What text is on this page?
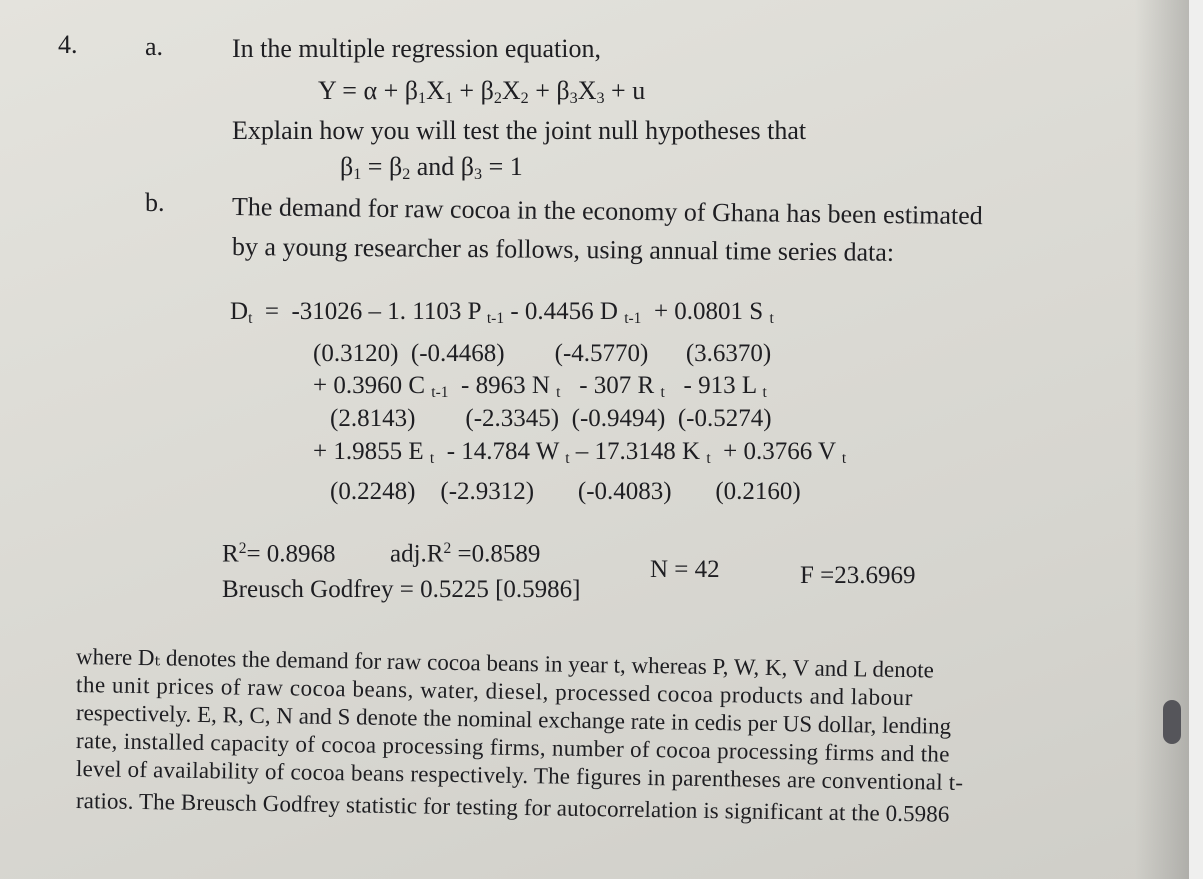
4.	a.	In the multiple regression equation,
$Y = \alpha + \beta_1X_1 + \beta_2X_2 + \beta_3X_3 + u$
Explain how you will test the joint null hypotheses that
$\beta_1 = \beta_2$ and $\beta_3 = 1$
b.	The demand for raw cocoa in the economy of Ghana has been estimated
by a young researcher as follows, using annual time series data:
$D_t = -31026 - 1$. 1103 P $_{t-1}$ - 0.4456 D $_{t-1}$  + 0.0801 S $_t$
(0.3120)  (-0.4468)        (-4.5770)      (3.6370)
+ 0.3960 C $_{t-1}$  - 8963 N $_t$   - 307 R $_t$   - 913 L $_t$
(2.8143)        (-2.3345)  (-0.9494)  (-0.5274)
+ 1.9855 E $_t$  - 14.784 W $_t$ – 17.3148 K $_t$  + 0.3766 V $_t$
(0.2248)    (-2.9312)       (-0.4083)       (0.2160)
$R^2= 0.8968$ $adj.R^2 =0.8589$
N = 42	F =23.6969
Breusch Godfrey = 0.5225 [0.5986]
where Dₜ denotes the demand for raw cocoa beans in year t, whereas P, W, K, V and L denote
the unit prices of raw cocoa beans, water, diesel, processed cocoa products and labour
respectively. E, R, C, N and S denote the nominal exchange rate in cedis per US dollar, lending
rate, installed capacity of cocoa processing firms, number of cocoa processing firms and the
level of availability of cocoa beans respectively. The figures in parentheses are conventional t-
ratios. The Breusch Godfrey statistic for testing for autocorrelation is significant at the 0.5986
